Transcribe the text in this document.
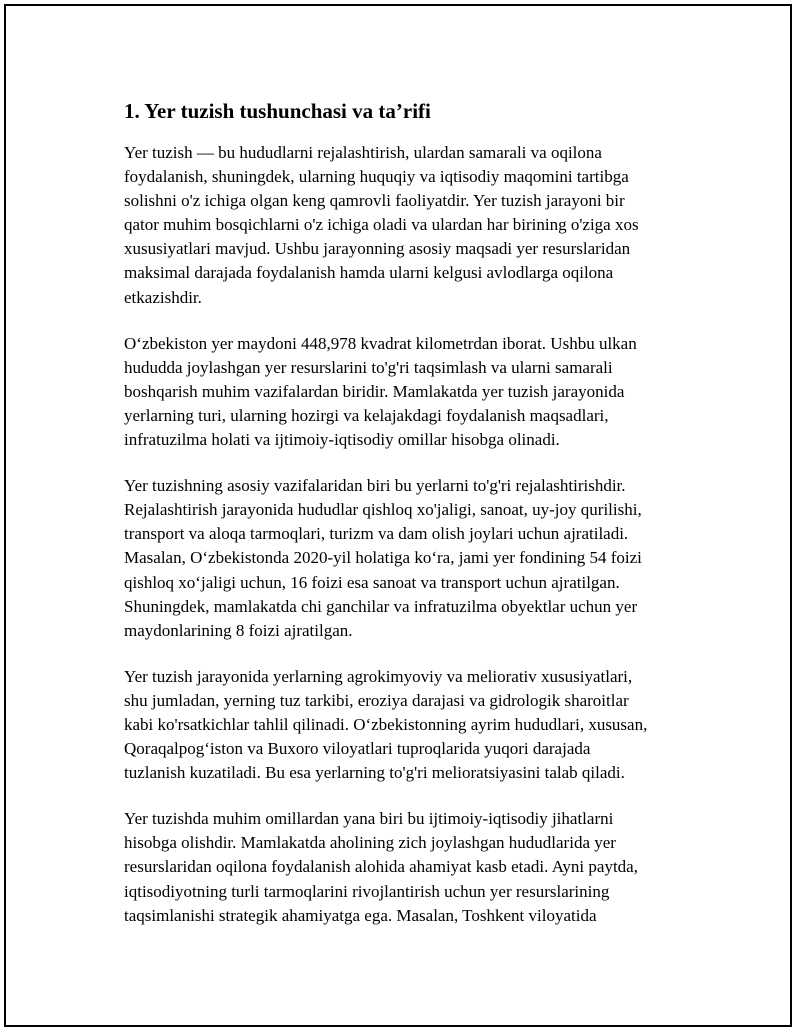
1. Yer tuzish tushunchasi va ta’rifi

Yer tuzish — bu hududlarni rejalashtirish, ulardan samarali va oqilona
foydalanish, shuningdek, ularning huquqiy va iqtisodiy maqomini tartibga
solishni o'z ichiga olgan keng qamrovli faoliyatdir. Yer tuzish jarayoni bir
qator muhim bosqichlarni o'z ichiga oladi va ulardan har birining o'ziga xos
xususiyatlari mavjud. Ushbu jarayonning asosiy maqsadi yer resurslaridan
maksimal darajada foydalanish hamda ularni kelgusi avlodlarga oqilona
etkazishdir.

O‘zbekiston yer maydoni 448,978 kvadrat kilometrdan iborat. Ushbu ulkan
hududda joylashgan yer resurslarini to'g'ri taqsimlash va ularni samarali
boshqarish muhim vazifalardan biridir. Mamlakatda yer tuzish jarayonida
yerlarning turi, ularning hozirgi va kelajakdagi foydalanish maqsadlari,
infratuzilma holati va ijtimoiy-iqtisodiy omillar hisobga olinadi.

Yer tuzishning asosiy vazifalaridan biri bu yerlarni to'g'ri rejalashtirishdir.
Rejalashtirish jarayonida hududlar qishloq xo'jaligi, sanoat, uy-joy qurilishi,
transport va aloqa tarmoqlari, turizm va dam olish joylari uchun ajratiladi.
Masalan, O‘zbekistonda 2020-yil holatiga ko‘ra, jami yer fondining 54 foizi
qishloq xo‘jaligi uchun, 16 foizi esa sanoat va transport uchun ajratilgan.
Shuningdek, mamlakatda chi ganchilar va infratuzilma obyektlar uchun yer
maydonlarining 8 foizi ajratilgan.

Yer tuzish jarayonida yerlarning agrokimyoviy va meliorativ xususiyatlari,
shu jumladan, yerning tuz tarkibi, eroziya darajasi va gidrologik sharoitlar
kabi ko'rsatkichlar tahlil qilinadi. O‘zbekistonning ayrim hududlari, xususan,
Qoraqalpog‘iston va Buxoro viloyatlari tuproqlarida yuqori darajada
tuzlanish kuzatiladi. Bu esa yerlarning to'g'ri melioratsiyasini talab qiladi.

Yer tuzishda muhim omillardan yana biri bu ijtimoiy-iqtisodiy jihatlarni
hisobga olishdir. Mamlakatda aholining zich joylashgan hududlarida yer
resurslaridan oqilona foydalanish alohida ahamiyat kasb etadi. Ayni paytda,
iqtisodiyotning turli tarmoqlarini rivojlantirish uchun yer resurslarining
taqsimlanishi strategik ahamiyatga ega. Masalan, Toshkent viloyatida
